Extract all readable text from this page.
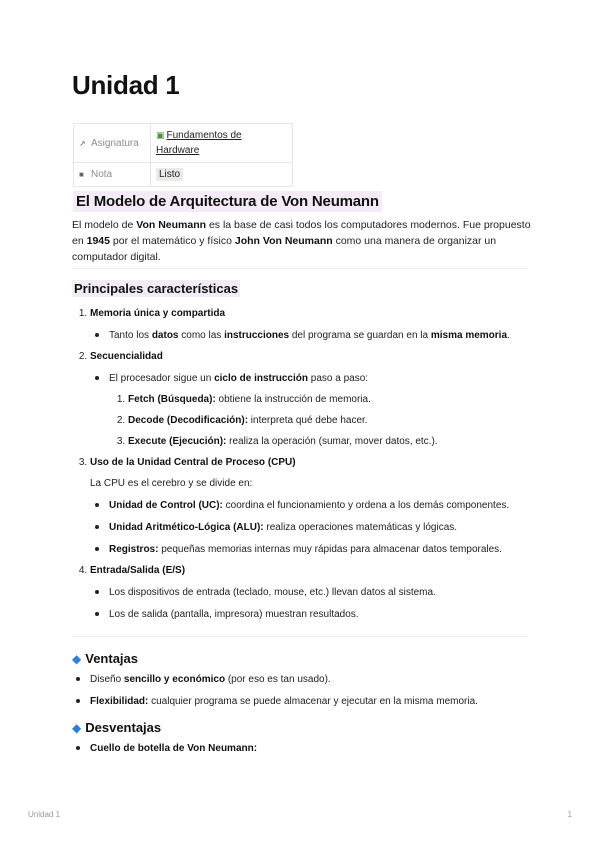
Unidad 1
↗ Asignatura	▣ Fundamentos de Hardware
■ Nota	Listo
El Modelo de Arquitectura de Von Neumann

El modelo de Von Neumann es la base de casi todos los computadores modernos. Fue propuesto en 1945 por el matemático y físico John Von Neumann como una manera de organizar un computador digital.

Principales características
1. Memoria única y compartida
• Tanto los datos como las instrucciones del programa se guardan en la misma memoria.
2. Secuencialidad
• El procesador sigue un ciclo de instrucción paso a paso:
1. Fetch (Búsqueda): obtiene la instrucción de memoria.
2. Decode (Decodificación): interpreta qué debe hacer.
3. Execute (Ejecución): realiza la operación (sumar, mover datos, etc.).
3. Uso de la Unidad Central de Proceso (CPU)

La CPU es el cerebro y se divide en:

• Unidad de Control (UC): coordina el funcionamiento y ordena a los demás componentes.
• Unidad Aritmético-Lógica (ALU): realiza operaciones matemáticas y lógicas.
• Registros: pequeñas memorias internas muy rápidas para almacenar datos temporales.
4. Entrada/Salida (E/S)
• Los dispositivos de entrada (teclado, mouse, etc.) llevan datos al sistema.
• Los de salida (pantalla, impresora) muestran resultados.
◆ Ventajas
• Diseño sencillo y económico (por eso es tan usado).
• Flexibilidad: cualquier programa se puede almacenar y ejecutar en la misma memoria.
◆ Desventajas
• Cuello de botella de Von Neumann:
Unidad 1	1
